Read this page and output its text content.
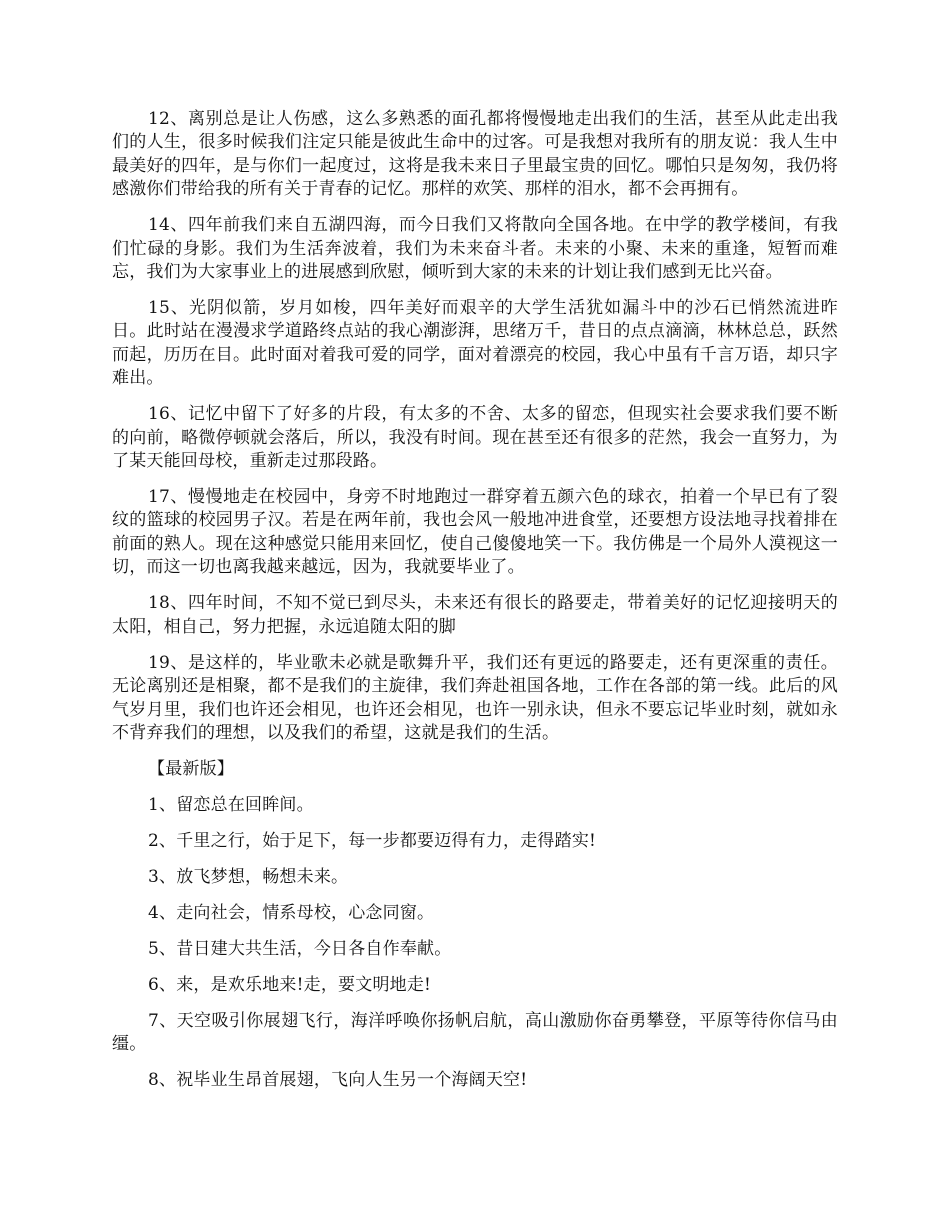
12、离别总是让人伤感，这么多熟悉的面孔都将慢慢地走出我们的生活，甚至从此走出我们的人生，很多时候我们注定只能是彼此生命中的过客。可是我想对我所有的朋友说：我人生中最美好的四年，是与你们一起度过，这将是我未来日子里最宝贵的回忆。哪怕只是匆匆，我仍将感激你们带给我的所有关于青春的记忆。那样的欢笑、那样的泪水，都不会再拥有。

14、四年前我们来自五湖四海，而今日我们又将散向全国各地。在中学的教学楼间，有我们忙碌的身影。我们为生活奔波着，我们为未来奋斗者。未来的小聚、未来的重逢，短暂而难忘，我们为大家事业上的进展感到欣慰，倾听到大家的未来的计划让我们感到无比兴奋。

15、光阴似箭，岁月如梭，四年美好而艰辛的大学生活犹如漏斗中的沙石已悄然流进昨日。此时站在漫漫求学道路终点站的我心潮澎湃，思绪万千，昔日的点点滴滴，林林总总，跃然而起，历历在目。此时面对着我可爱的同学，面对着漂亮的校园，我心中虽有千言万语，却只字难出。

16、记忆中留下了好多的片段，有太多的不舍、太多的留恋，但现实社会要求我们要不断的向前，略微停顿就会落后，所以，我没有时间。现在甚至还有很多的茫然，我会一直努力，为了某天能回母校，重新走过那段路。

17、慢慢地走在校园中，身旁不时地跑过一群穿着五颜六色的球衣，拍着一个早已有了裂纹的篮球的校园男子汉。若是在两年前，我也会风一般地冲进食堂，还要想方设法地寻找着排在前面的熟人。现在这种感觉只能用来回忆，使自己傻傻地笑一下。我仿佛是一个局外人漠视这一切，而这一切也离我越来越远，因为，我就要毕业了。

18、四年时间，不知不觉已到尽头，未来还有很长的路要走，带着美好的记忆迎接明天的太阳，相自己，努力把握，永远追随太阳的脚

19、是这样的，毕业歌未必就是歌舞升平，我们还有更远的路要走，还有更深重的责任。无论离别还是相聚，都不是我们的主旋律，我们奔赴祖国各地，工作在各部的第一线。此后的风气岁月里，我们也许还会相见，也许还会相见，也许一别永诀，但永不要忘记毕业时刻，就如永不背弃我们的理想，以及我们的希望，这就是我们的生活。

【最新版】

1、留恋总在回眸间。

2、千里之行，始于足下，每一步都要迈得有力，走得踏实!

3、放飞梦想，畅想未来。

4、走向社会，情系母校，心念同窗。

5、昔日建大共生活，今日各自作奉献。

6、来，是欢乐地来!走，要文明地走!

7、天空吸引你展翅飞行，海洋呼唤你扬帆启航，高山激励你奋勇攀登，平原等待你信马由缰。

8、祝毕业生昂首展翅，飞向人生另一个海阔天空!
